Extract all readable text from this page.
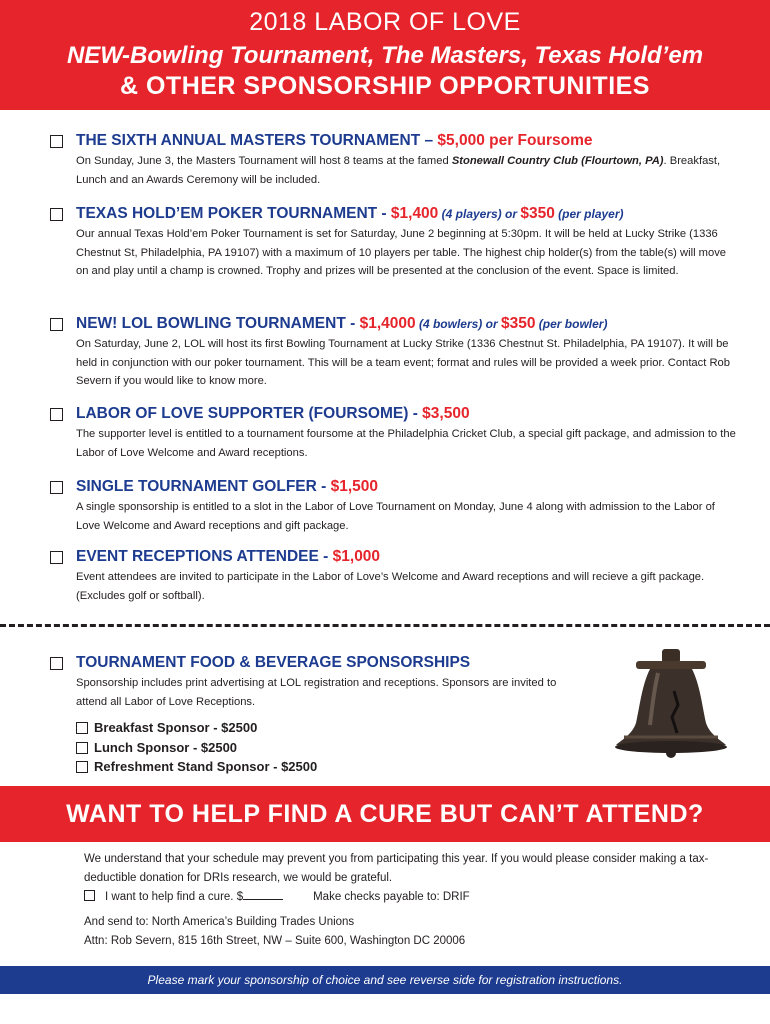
2018 LABOR OF LOVE
NEW-Bowling Tournament, The Masters, Texas Hold’em
& OTHER SPONSORSHIP OPPORTUNITIES
THE SIXTH ANNUAL MASTERS TOURNAMENT – $5,000 per Foursome
On Sunday, June 3, the Masters Tournament will host 8 teams at the famed Stonewall Country Club (Flourtown, PA). Breakfast, Lunch and an Awards Ceremony will be included.
TEXAS HOLD’EM POKER TOURNAMENT - $1,400 (4 players) or $350 (per player)
Our annual Texas Hold’em Poker Tournament is set for Saturday, June 2 beginning at 5:30pm. It will be held at Lucky Strike (1336 Chestnut St, Philadelphia, PA 19107) with a maximum of 10 players per table. The highest chip holder(s) from the table(s) will move on and play until a champ is crowned. Trophy and prizes will be presented at the conclusion of the event. Space is limited.
NEW! LOL BOWLING TOURNAMENT - $1,4000 (4 bowlers) or $350 (per bowler)
On Saturday, June 2, LOL will host its first Bowling Tournament at Lucky Strike (1336 Chestnut St. Philadelphia, PA 19107). It will be held in conjunction with our poker tournament. This will be a team event; format and rules will be provided a week prior. Contact Rob Severn if you would like to know more.
LABOR OF LOVE SUPPORTER (FOURSOME) - $3,500
The supporter level is entitled to a tournament foursome at the Philadelphia Cricket Club, a special gift package, and admission to the Labor of Love Welcome and Award receptions.
SINGLE TOURNAMENT GOLFER - $1,500
A single sponsorship is entitled to a slot in the Labor of Love Tournament on Monday, June 4 along with admission to the Labor of Love Welcome and Award receptions and gift package.
EVENT RECEPTIONS ATTENDEE - $1,000
Event attendees are invited to participate in the Labor of Love’s Welcome and Award receptions and will recieve a gift package. (Excludes golf or softball).
TOURNAMENT FOOD & BEVERAGE SPONSORSHIPS
Sponsorship includes print advertising at LOL registration and receptions. Sponsors are invited to attend all Labor of Love Receptions.
Breakfast Sponsor - $2500
Lunch Sponsor - $2500
Refreshment Stand Sponsor - $2500
WANT TO HELP FIND A CURE BUT CAN’T ATTEND?
We understand that your schedule may prevent you from participating this year. If you would please consider making a tax-deductible donation for DRIs research, we would be grateful.
I want to help find a cure. $	Make checks payable to: DRIF
And send to: North America’s Building Trades Unions
Attn: Rob Severn, 815 16th Street, NW – Suite 600, Washington DC 20006
Please mark your sponsorship of choice and see reverse side for registration instructions.
